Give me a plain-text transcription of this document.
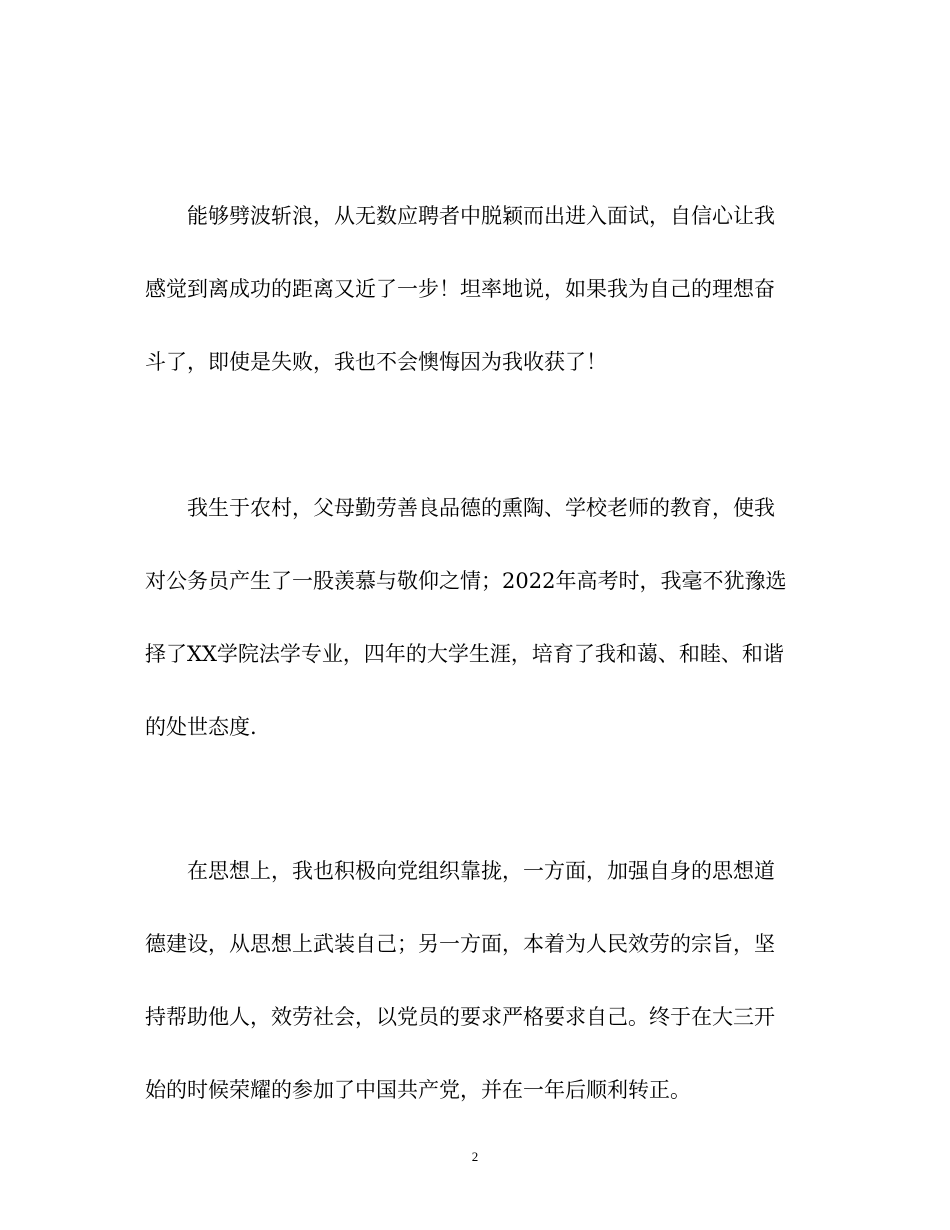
能够劈波斩浪，从无数应聘者中脱颖而出进入面试，自信心让我
感觉到离成功的距离又近了一步！坦率地说，如果我为自己的理想奋
斗了，即使是失败，我也不会懊悔因为我收获了！
我生于农村，父母勤劳善良品德的熏陶、学校老师的教育，使我
对公务员产生了一股羡慕与敬仰之情；2022年高考时，我毫不犹豫选
择了XX学院法学专业，四年的大学生涯，培育了我和蔼、和睦、和谐
的处世态度.
在思想上，我也积极向党组织靠拢，一方面，加强自身的思想道
德建设，从思想上武装自己；另一方面，本着为人民效劳的宗旨，坚
持帮助他人，效劳社会，以党员的要求严格要求自己。终于在大三开
始的时候荣耀的参加了中国共产党，并在一年后顺利转正。
2
